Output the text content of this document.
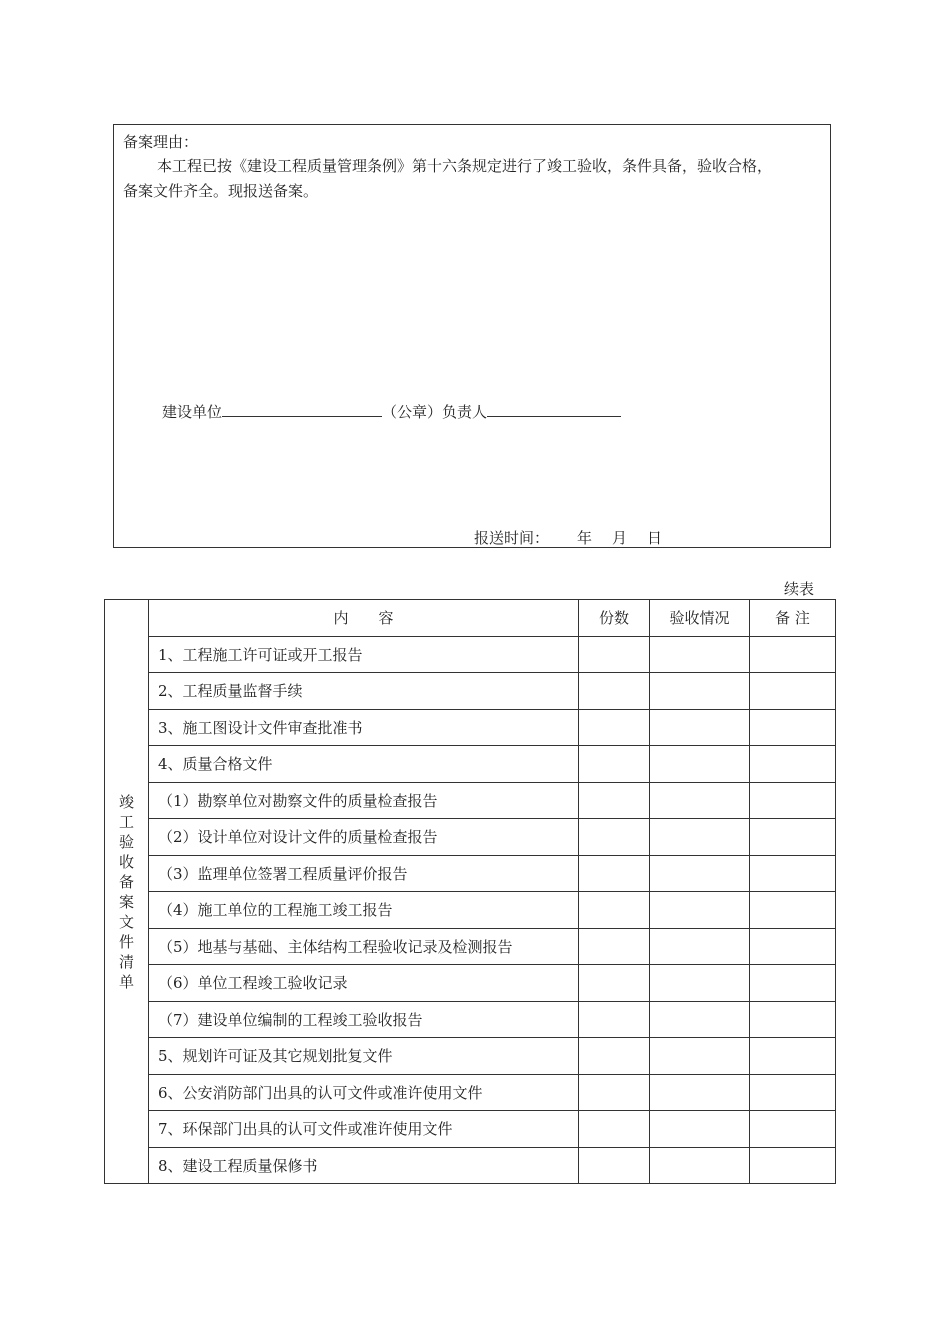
备案理由：
本工程已按《建设工程质量管理条例》第十六条规定进行了竣工验收，条件具备，验收合格，
备案文件齐全。现报送备案。
建设单位	（公章）负责人
报送时间： 年 月 日
续表
竣工验收备案文件清单	内　　容	份数	验收情况	备 注
	1、工程施工许可证或开工报告			
	2、工程质量监督手续			
	3、施工图设计文件审查批准书			
	4、质量合格文件			
	（1）勘察单位对勘察文件的质量检查报告			
	（2）设计单位对设计文件的质量检查报告			
	（3）监理单位签署工程质量评价报告			
	（4）施工单位的工程施工竣工报告			
	（5）地基与基础、主体结构工程验收记录及检测报告			
	（6）单位工程竣工验收记录			
	（7）建设单位编制的工程竣工验收报告			
	5、规划许可证及其它规划批复文件			
	6、公安消防部门出具的认可文件或准许使用文件			
	7、环保部门出具的认可文件或准许使用文件			
	8、建设工程质量保修书			
